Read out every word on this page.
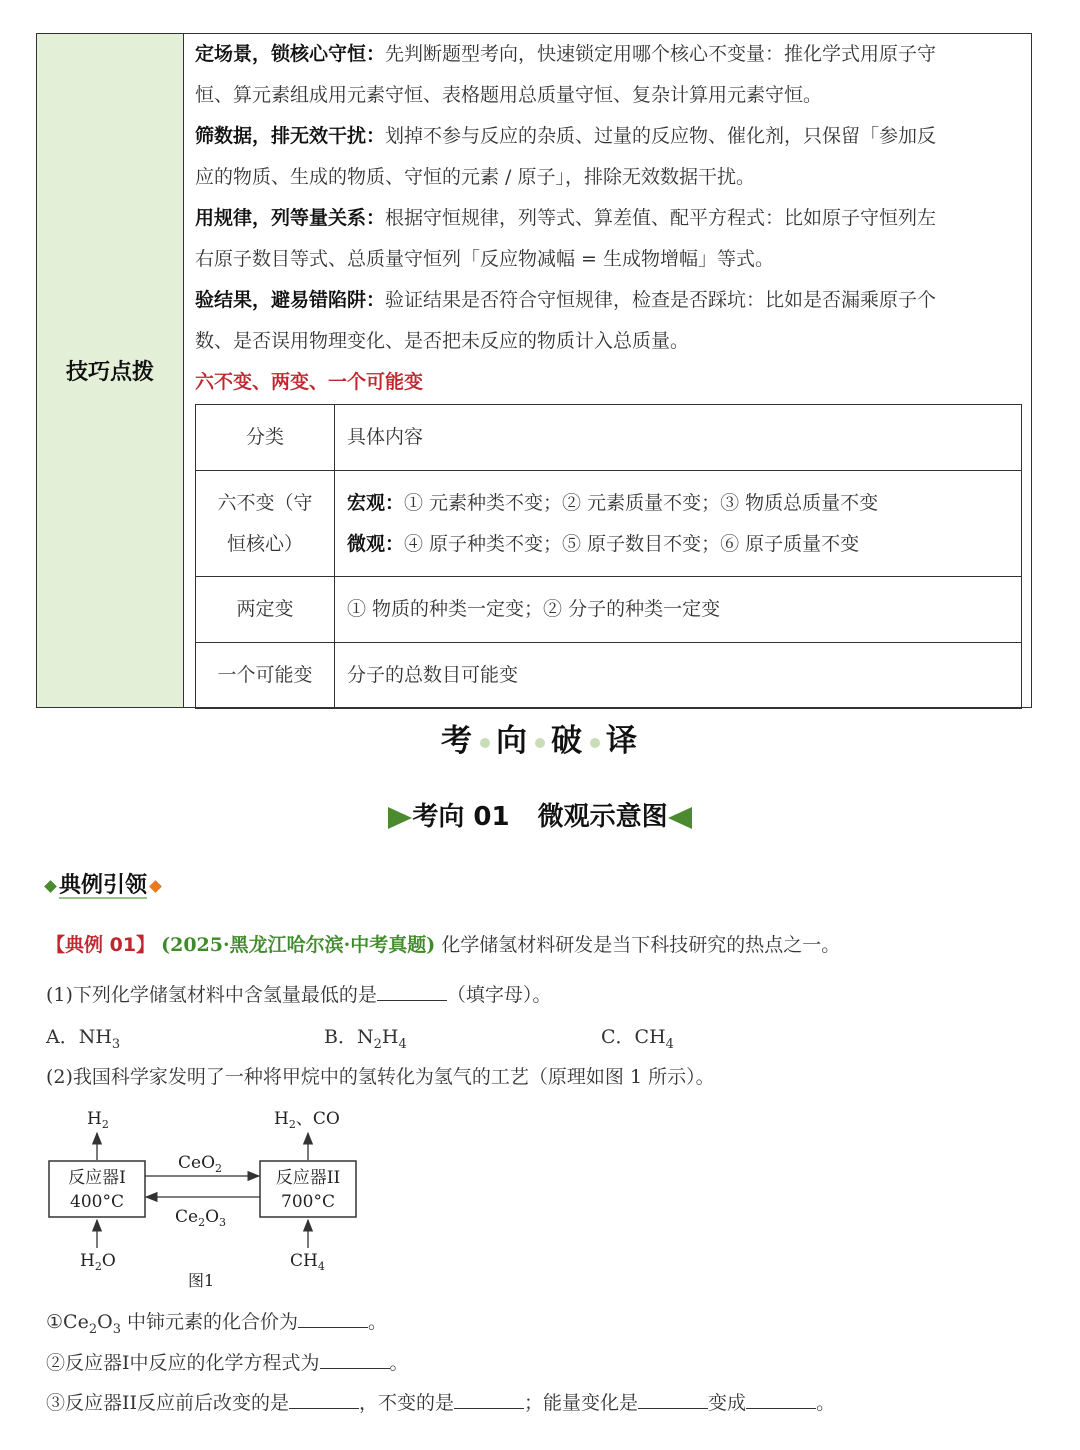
技巧点拨
定场景，锁核心守恒：先判断题型考向，快速锁定用哪个核心不变量：推化学式用原子守
恒、算元素组成用元素守恒、表格题用总质量守恒、复杂计算用元素守恒。
筛数据，排无效干扰：划掉不参与反应的杂质、过量的反应物、催化剂，只保留「参加反
应的物质、生成的物质、守恒的元素 / 原子」，排除无效数据干扰。
用规律，列等量关系：根据守恒规律，列等式、算差值、配平方程式：比如原子守恒列左
右原子数目等式、总质量守恒列「反应物减幅 = 生成物增幅」等式。
验结果，避易错陷阱：验证结果是否符合守恒规律，检查是否踩坑：比如是否漏乘原子个
数、是否误用物理变化、是否把未反应的物质计入总质量。
六不变、两变、一个可能变
分类	具体内容
六不变（守
恒核心）	宏观：① 元素种类不变；② 元素质量不变；③ 物质总质量不变
微观：④ 原子种类不变；⑤ 原子数目不变；⑥ 原子质量不变
两定变	① 物质的种类一定变；② 分子的种类一定变
一个可能变	分子的总数目可能变
考 向 破 译
考向 01 微观示意图
典例引领
【典例 01】 (2025·黑龙江哈尔滨·中考真题) 化学储氢材料研发是当下科技研究的热点之一。
(1)下列化学储氢材料中含氢量最低的是	（填字母）。
A．$NH_3$	B．$N_2H_4$	C．$CH_4$
(2)我国科学家发明了一种将甲烷中的氢转化为氢气的工艺（原理如图 1 所示）。
反应器I
400°C
反应器II
700°C
CeO$_2$
$Ce_2O_3$
$H_2$
$H_2O$
$H_2$、CO
$CH_4$
图1
$①Ce_2O_3$ 中铈元素的化合价为	。
②反应器I中反应的化学方程式为	。
③反应器II反应前后改变的是	，不变的是	；能量变化是	变成	。
